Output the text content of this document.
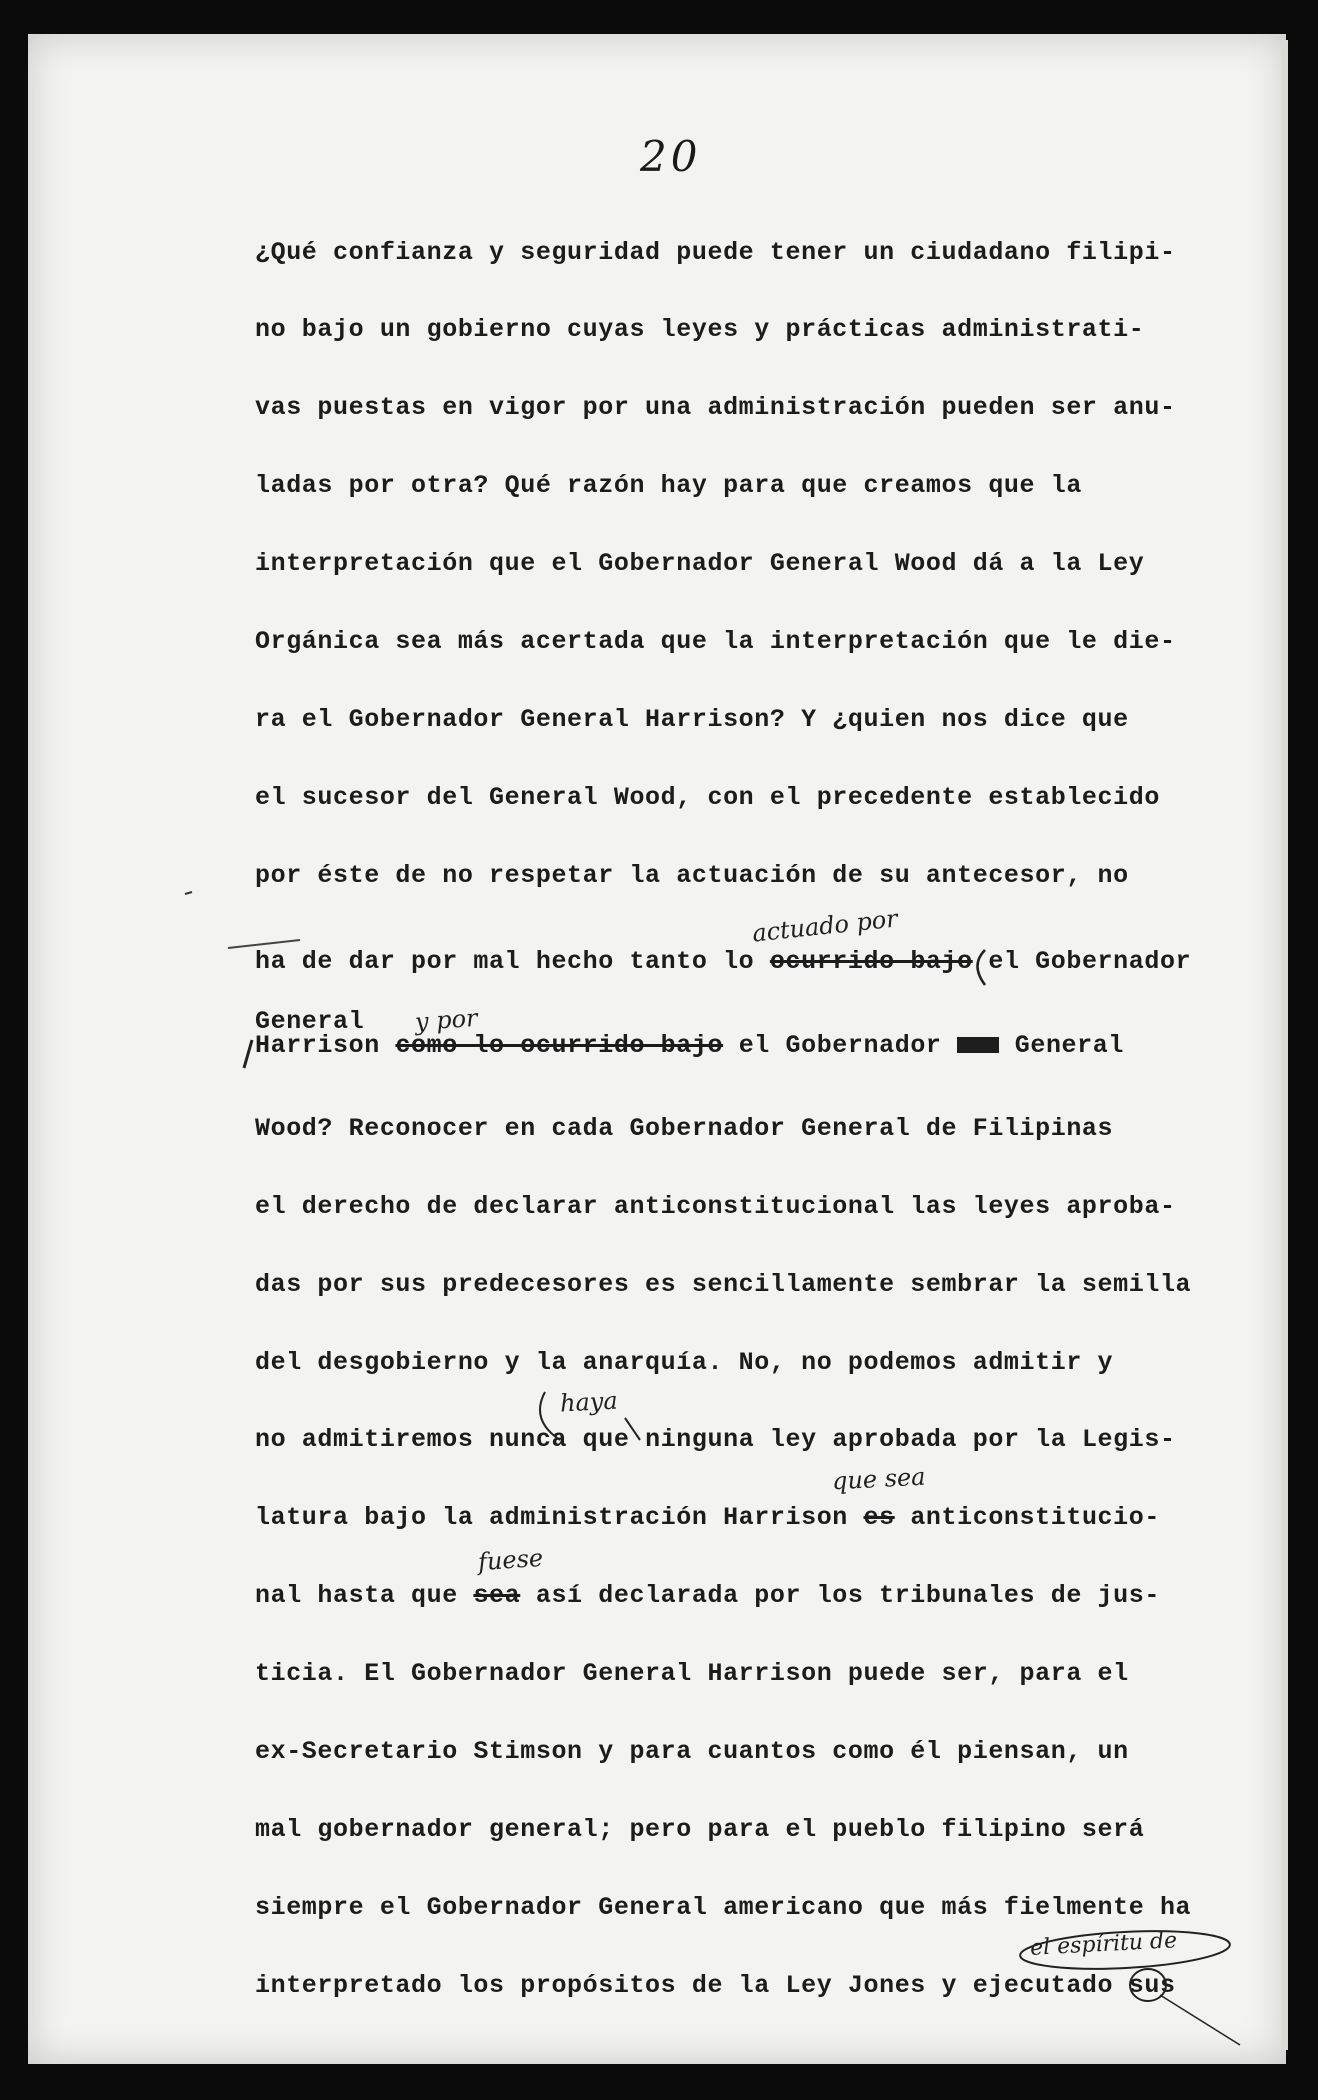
20
¿Qué confianza y seguridad puede tener un ciudadano filipi-
no bajo un gobierno cuyas leyes y prácticas administrati-
vas puestas en vigor por una administración pueden ser anu-
ladas por otra? Qué razón hay para que creamos que la
interpretación que el Gobernador General Wood dá a la Ley
Orgánica sea más acertada que la interpretación que le die-
ra el Gobernador General Harrison? Y ¿quien nos dice que
el sucesor del General Wood, con el precedente establecido
por éste de no respetar la actuación de su antecesor, no
actuado por
ha de dar por mal hecho tanto lo ocurrido bajo el Gobernador
General y por
Harrison como lo ocurrido bajo el Gobernador  General
Wood? Reconocer en cada Gobernador General de Filipinas
el derecho de declarar anticonstitucional las leyes aproba-
das por sus predecesores es sencillamente sembrar la semilla
del desgobierno y la anarquía. No, no podemos admitir y
haya
no admitiremos nunca que ninguna ley aprobada por la Legis-
que sea
latura bajo la administración Harrison es anticonstitucio-
fuese
nal hasta que sea así declarada por los tribunales de jus-
ticia. El Gobernador General Harrison puede ser, para el
ex-Secretario Stimson y para cuantos como él piensan, un
mal gobernador general; pero para el pueblo filipino será
siempre el Gobernador General americano que más fielmente ha
el espíritu de
interpretado los propósitos de la Ley Jones y ejecutado sus
